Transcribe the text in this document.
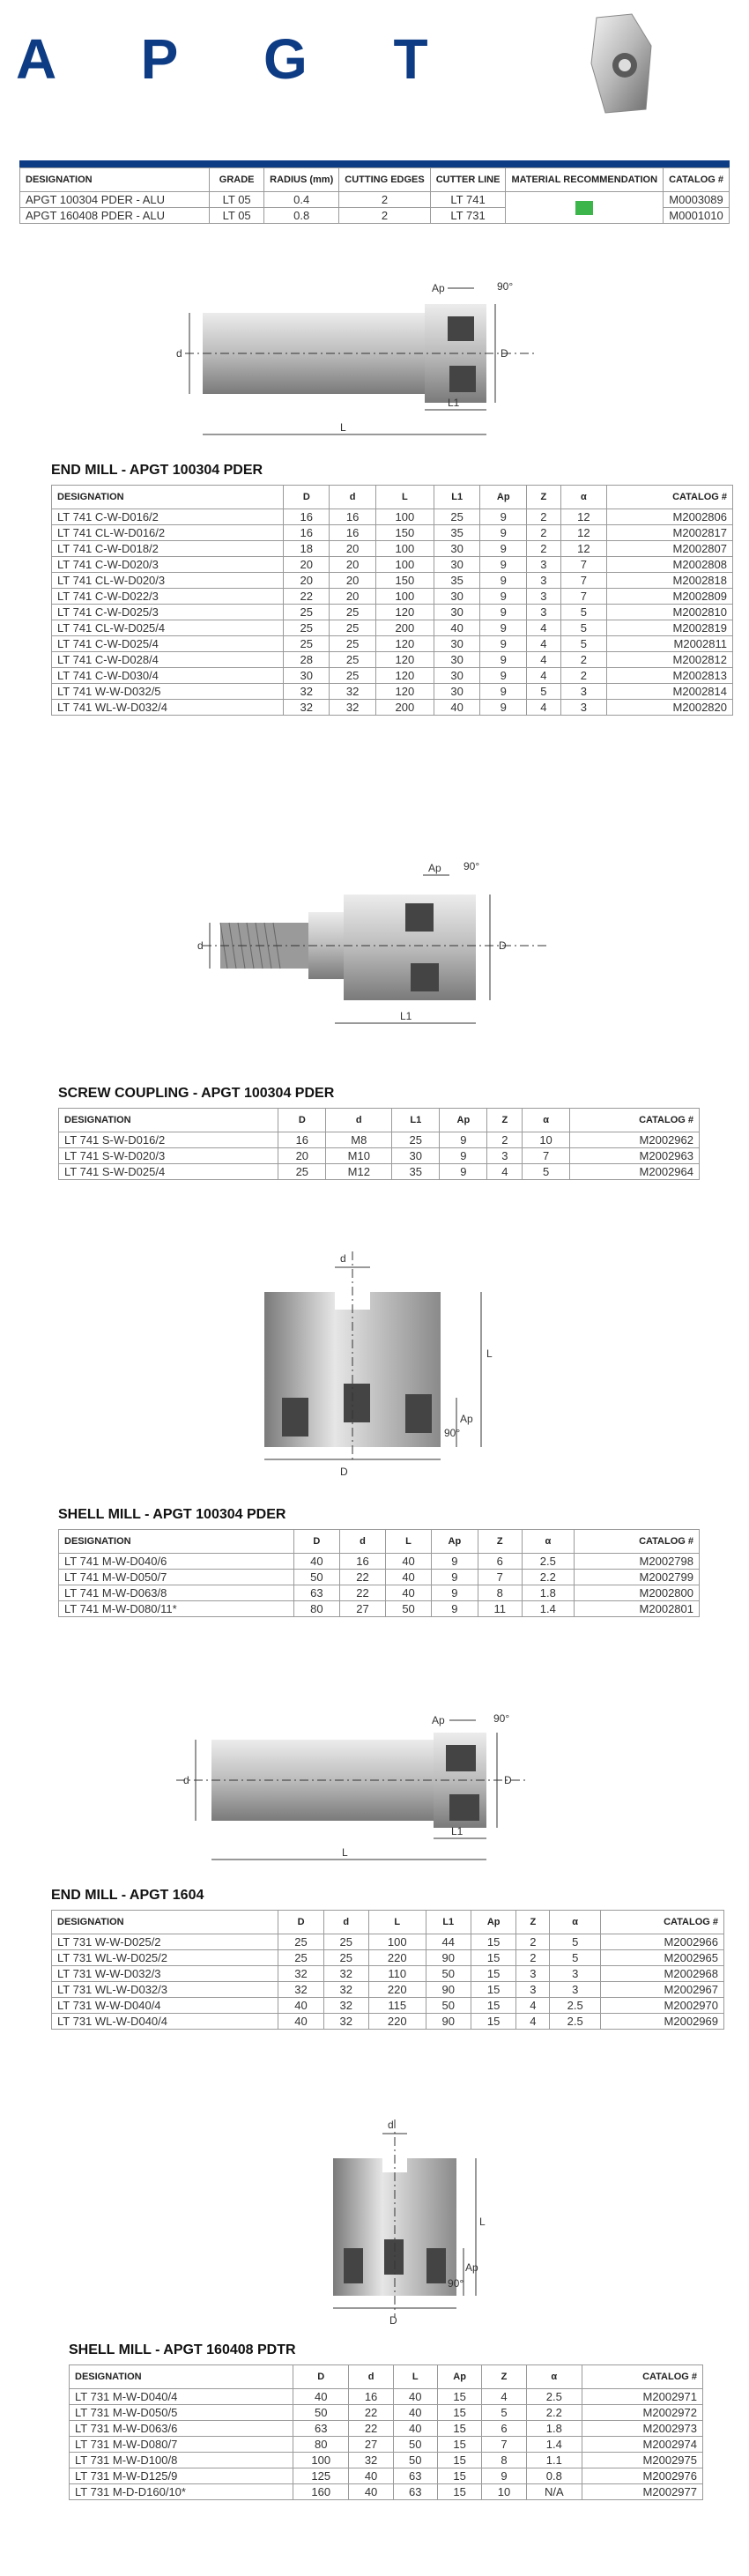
A P G T
DESIGNATION	GRADE	RADIUS (mm)	CUTTING EDGES	CUTTER LINE	MATERIAL RECOMMENDATION	CATALOG #
APGT 100304 PDER - ALU	LT 05	0.4	2	LT 741		M0003089
APGT 160408 PDER - ALU	LT 05	0.8	2	LT 731		M0001010
d	D
L
L1
Ap	90°
END MILL - APGT 100304 PDER
DESIGNATION	D	d	L	L1	Ap	Z	α	CATALOG #
LT 741 C-W-D016/2	16	16	100	25	9	2	12	M2002806
LT 741 CL-W-D016/2	16	16	150	35	9	2	12	M2002817
LT 741 C-W-D018/2	18	20	100	30	9	2	12	M2002807
LT 741 C-W-D020/3	20	20	100	30	9	3	7	M2002808
LT 741 CL-W-D020/3	20	20	150	35	9	3	7	M2002818
LT 741 C-W-D022/3	22	20	100	30	9	3	7	M2002809
LT 741 C-W-D025/3	25	25	120	30	9	3	5	M2002810
LT 741 CL-W-D025/4	25	25	200	40	9	4	5	M2002819
LT 741 C-W-D025/4	25	25	120	30	9	4	5	M2002811
LT 741 C-W-D028/4	28	25	120	30	9	4	2	M2002812
LT 741 C-W-D030/4	30	25	120	30	9	4	2	M2002813
LT 741 W-W-D032/5	32	32	120	30	9	5	3	M2002814
LT 741 WL-W-D032/4	32	32	200	40	9	4	3	M2002820
d	D
L1
Ap 90°
SCREW COUPLING - APGT 100304 PDER
DESIGNATION	D	d	L1	Ap	Z	α	CATALOG #
LT 741 S-W-D016/2	16	M8	25	9	2	10	M2002962
LT 741 S-W-D020/3	20	M10	30	9	3	7	M2002963
LT 741 S-W-D025/4	25	M12	35	9	4	5	M2002964
d
D
L
Ap
90°
SHELL MILL - APGT 100304 PDER
DESIGNATION	D	d	L	Ap	Z	α	CATALOG #
LT 741 M-W-D040/6	40	16	40	9	6	2.5	M2002798
LT 741 M-W-D050/7	50	22	40	9	7	2.2	M2002799
LT 741 M-W-D063/8	63	22	40	9	8	1.8	M2002800
LT 741 M-W-D080/11*	80	27	50	9	11	1.4	M2002801
d	D
L
L1
Ap	90°
END MILL - APGT 1604
DESIGNATION	D	d	L	L1	Ap	Z	α	CATALOG #
LT 731 W-W-D025/2	25	25	100	44	15	2	5	M2002966
LT 731 WL-W-D025/2	25	25	220	90	15	2	5	M2002965
LT 731 W-W-D032/3	32	32	110	50	15	3	3	M2002968
LT 731 WL-W-D032/3	32	32	220	90	15	3	3	M2002967
LT 731 W-W-D040/4	40	32	115	50	15	4	2.5	M2002970
LT 731 WL-W-D040/4	40	32	220	90	15	4	2.5	M2002969
d
D
L
Ap
90°
SHELL MILL - APGT 160408 PDTR
DESIGNATION	D	d	L	Ap	Z	α	CATALOG #
LT 731 M-W-D040/4	40	16	40	15	4	2.5	M2002971
LT 731 M-W-D050/5	50	22	40	15	5	2.2	M2002972
LT 731 M-W-D063/6	63	22	40	15	6	1.8	M2002973
LT 731 M-W-D080/7	80	27	50	15	7	1.4	M2002974
LT 731 M-W-D100/8	100	32	50	15	8	1.1	M2002975
LT 731 M-W-D125/9	125	40	63	15	9	0.8	M2002976
LT 731 M-D-D160/10*	160	40	63	15	10	N/A	M2002977
